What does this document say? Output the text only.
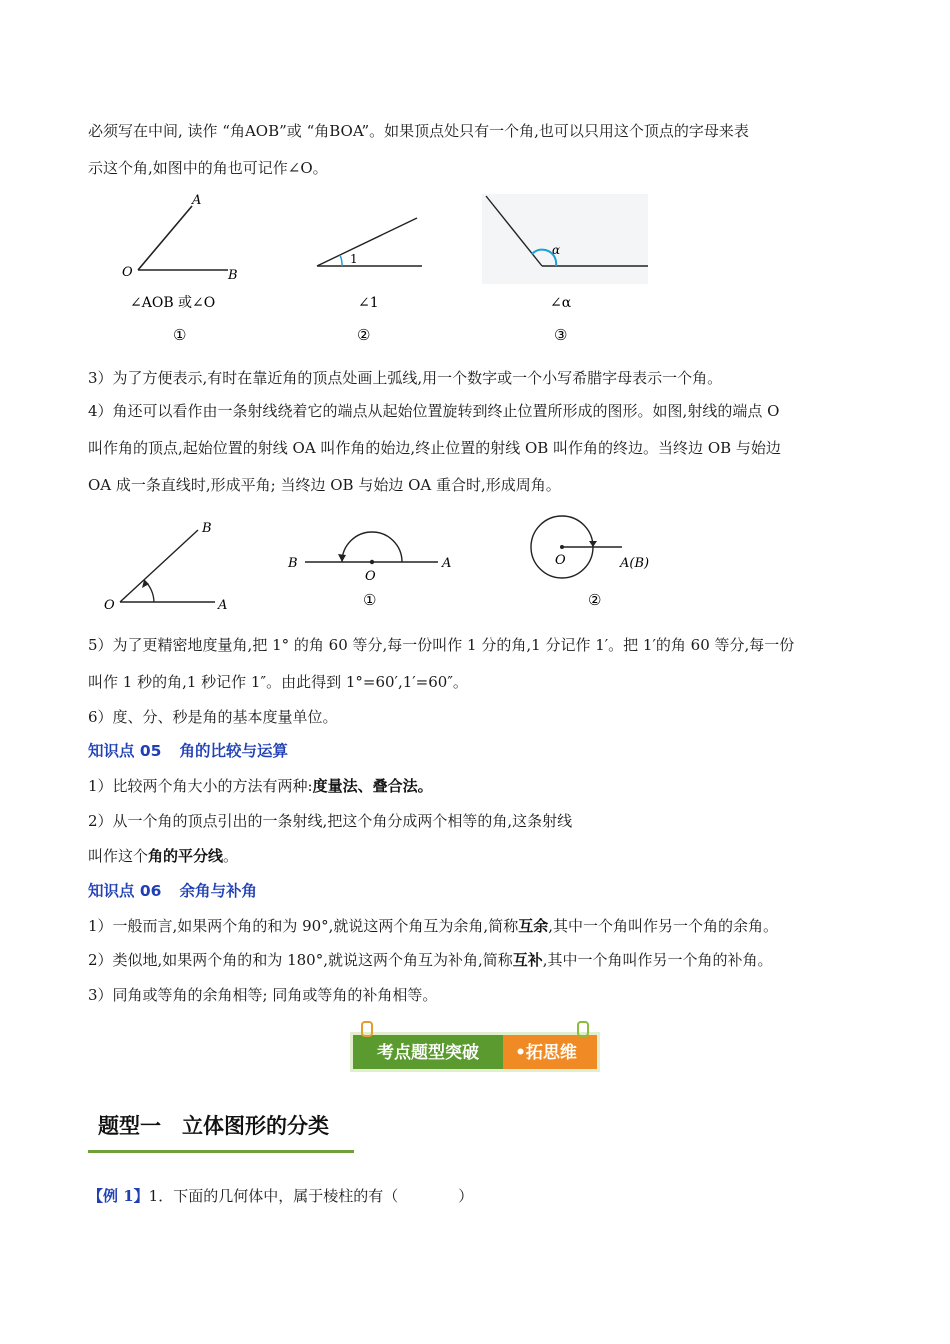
必须写在中间, 读作 “角AOB”或 “角BOA”。如果顶点处只有一个角,也可以只用这个顶点的字母来表
示这个角,如图中的角也可记作∠O。
A
O	B
∠AOB 或∠O
①
1
∠1
②
α
∠α
③
3）为了方便表示,有时在靠近角的顶点处画上弧线,用一个数字或一个小写希腊字母表示一个角。
4）角还可以看作由一条射线绕着它的端点从起始位置旋转到终止位置所形成的图形。如图,射线的端点 O
叫作角的顶点,起始位置的射线 OA 叫作角的始边,终止位置的射线 OB 叫作角的终边。当终边 OB 与始边
OA 成一条直线时,形成平角; 当终边 OB 与始边 OA 重合时,形成周角。
B
O	A
B
O
A
①
O	A(B)
②
5）为了更精密地度量角,把 1° 的角 60 等分,每一份叫作 1 分的角,1 分记作 1′。把 1′的角 60 等分,每一份
叫作 1 秒的角,1 秒记作 1″。由此得到 1°=60′,1′=60″。
6）度、分、秒是角的基本度量单位。
知识点 05 角的比较与运算
1）比较两个角大小的方法有两种:度量法、叠合法。
2）从一个角的顶点引出的一条射线,把这个角分成两个相等的角,这条射线
叫作这个角的平分线。
知识点 06 余角与补角
1）一般而言,如果两个角的和为 90°,就说这两个角互为余角,简称互余,其中一个角叫作另一个角的余角。
2）类似地,如果两个角的和为 180°,就说这两个角互为补角,简称互补,其中一个角叫作另一个角的补角。
3）同角或等角的余角相等; 同角或等角的补角相等。
考点题型突破 •拓思维
题型一　立体图形的分类
【例 1】1．下面的几何体中，属于棱柱的有（　　　　）
